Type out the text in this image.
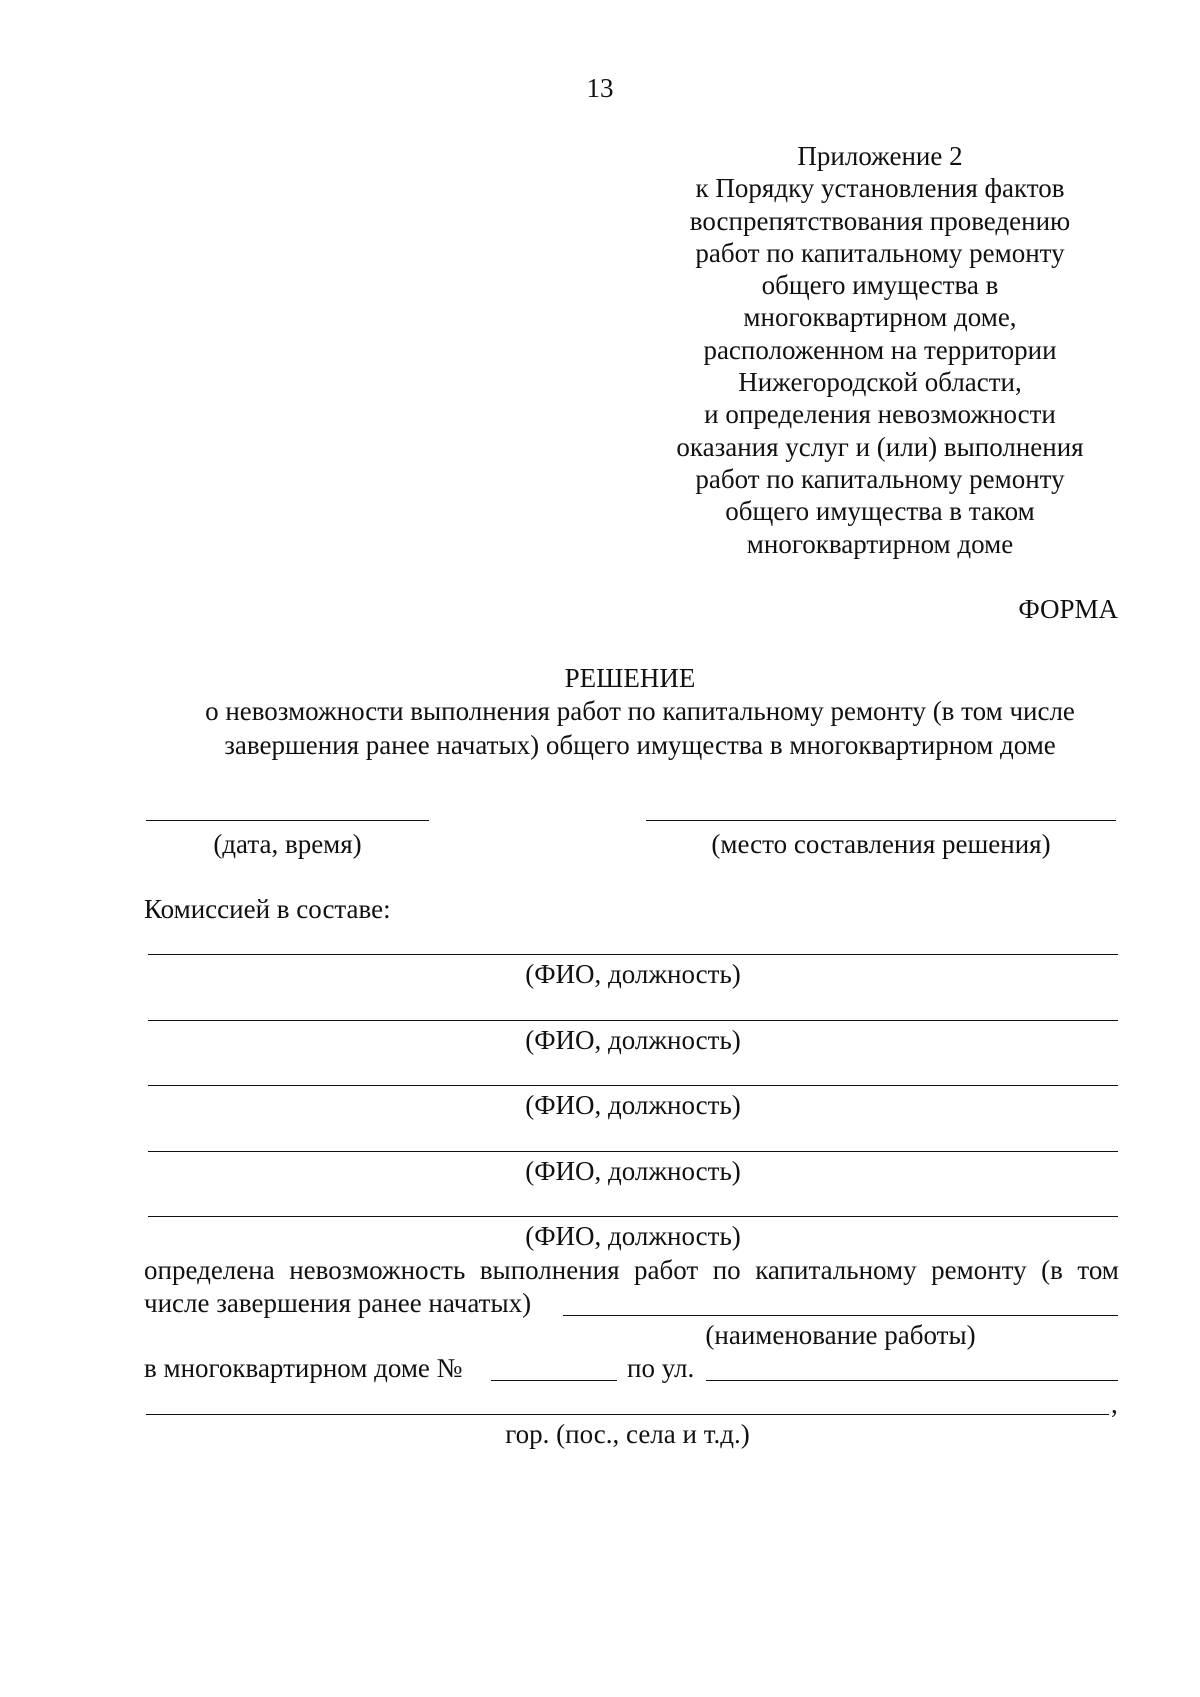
13
Приложение 2
к Порядку установления фактов
воспрепятствования проведению
работ по капитальному ремонту
общего имущества в
многоквартирном доме,
расположенном на территории
Нижегородской области,
и определения невозможности
оказания услуг и (или) выполнения
работ по капитальному ремонту
общего имущества в таком
многоквартирном доме
ФОРМА
РЕШЕНИЕ
о невозможности выполнения работ по капитальному ремонту (в том числе
завершения ранее начатых) общего имущества в многоквартирном доме
(дата, время)	(место составления решения)
Комиссией в составе:
(ФИО, должность)
(ФИО, должность)
(ФИО, должность)
(ФИО, должность)
(ФИО, должность)
определена невозможность выполнения работ по капитальному ремонту (в том
числе завершения ранее начатых)
(наименование работы)
в многоквартирном доме №	по ул.
,
гор. (пос., села и т.д.)
